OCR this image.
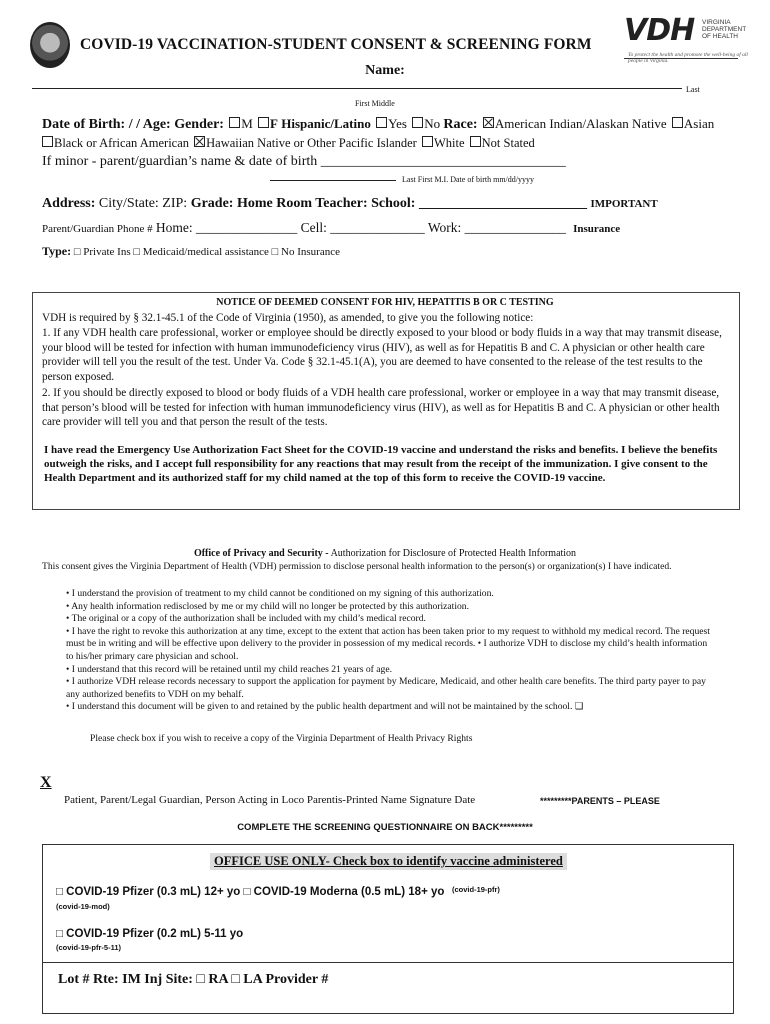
COVID-19 VACCINATION-STUDENT CONSENT & SCREENING FORM VDH VIRGINIA
DEPARTMENT
OF HEALTH
To protect the health and promote the well-being of all people in Virginia.
Name:
Last
First Middle
Date of Birth: / / Age: Gender: M F Hispanic/Latino Yes No Race: American Indian/Alaskan Native Asian
Black or African American Hawaiian Native or Other Pacific Islander White Not Stated
If minor - parent/guardian’s name & date of birth ___________________________________
Last First M.I. Date of birth mm/dd/yyyy
Address: City/State: ZIP: Grade: Home Room Teacher: School: ________________________ IMPORTANT
Parent/Guardian Phone # Home: _______________ Cell: ______________ Work: _______________ Insurance
Type: □ Private Ins □ Medicaid/medical assistance □ No Insurance
NOTICE OF DEEMED CONSENT FOR HIV, HEPATITIS B OR C TESTING
VDH is required by § 32.1-45.1 of the Code of Virginia (1950), as amended, to give you the following notice:
1. If any VDH health care professional, worker or employee should be directly exposed to your blood or body fluids in a way that may transmit disease, your blood will be tested for infection with human immunodeficiency virus (HIV), as well as for Hepatitis B and C. A physician or other health care provider will tell you the result of the test. Under Va. Code § 32.1-45.1(A), you are deemed to have consented to the release of the test results to the person exposed.
2. If you should be directly exposed to blood or body fluids of a VDH health care professional, worker or employee in a way that may transmit disease, that person’s blood will be tested for infection with human immunodeficiency virus (HIV), as well as for Hepatitis B and C. A physician or other health care provider will tell you and that person the result of the tests.
I have read the Emergency Use Authorization Fact Sheet for the COVID-19 vaccine and understand the risks and benefits. I believe the benefits outweigh the risks, and I accept full responsibility for any reactions that may result from the receipt of the immunization. I give consent to the Health Department and its authorized staff for my child named at the top of this form to receive the COVID-19 vaccine.
Office of Privacy and Security - Authorization for Disclosure of Protected Health Information
This consent gives the Virginia Department of Health (VDH) permission to disclose personal health information to the person(s) or organization(s) I have indicated.
• I understand the provision of treatment to my child cannot be conditioned on my signing of this authorization.
• Any health information redisclosed by me or my child will no longer be protected by this authorization.
• The original or a copy of the authorization shall be included with my child’s medical record.
• I have the right to revoke this authorization at any time, except to the extent that action has been taken prior to my request to withhold my medical record. The request must be in writing and will be effective upon delivery to the provider in possession of my medical records. • I authorize VDH to disclose my child’s health information to his/her primary care physician and school.
• I understand that this record will be retained until my child reaches 21 years of age.
• I authorize VDH release records necessary to support the application for payment by Medicare, Medicaid, and other health care benefits. The third party payer to pay any authorized benefits to VDH on my behalf.
• I understand this document will be given to and retained by the public health department and will not be maintained by the school. ❏
Please check box if you wish to receive a copy of the Virginia Department of Health Privacy Rights
X
Patient, Parent/Legal Guardian, Person Acting in Loco Parentis-Printed Name Signature Date	*********PARENTS – PLEASE
COMPLETE THE SCREENING QUESTIONNAIRE ON BACK*********
OFFICE USE ONLY- Check box to identify vaccine administered
□ COVID-19 Pfizer (0.3 mL) 12+ yo □ COVID-19 Moderna (0.5 mL) 18+ yo (covid-19-pfr)
(covid-19-mod)
□ COVID-19 Pfizer (0.2 mL) 5-11 yo
(covid-19-pfr-5-11)
Lot # Rte: IM Inj Site: □ RA □ LA Provider #
